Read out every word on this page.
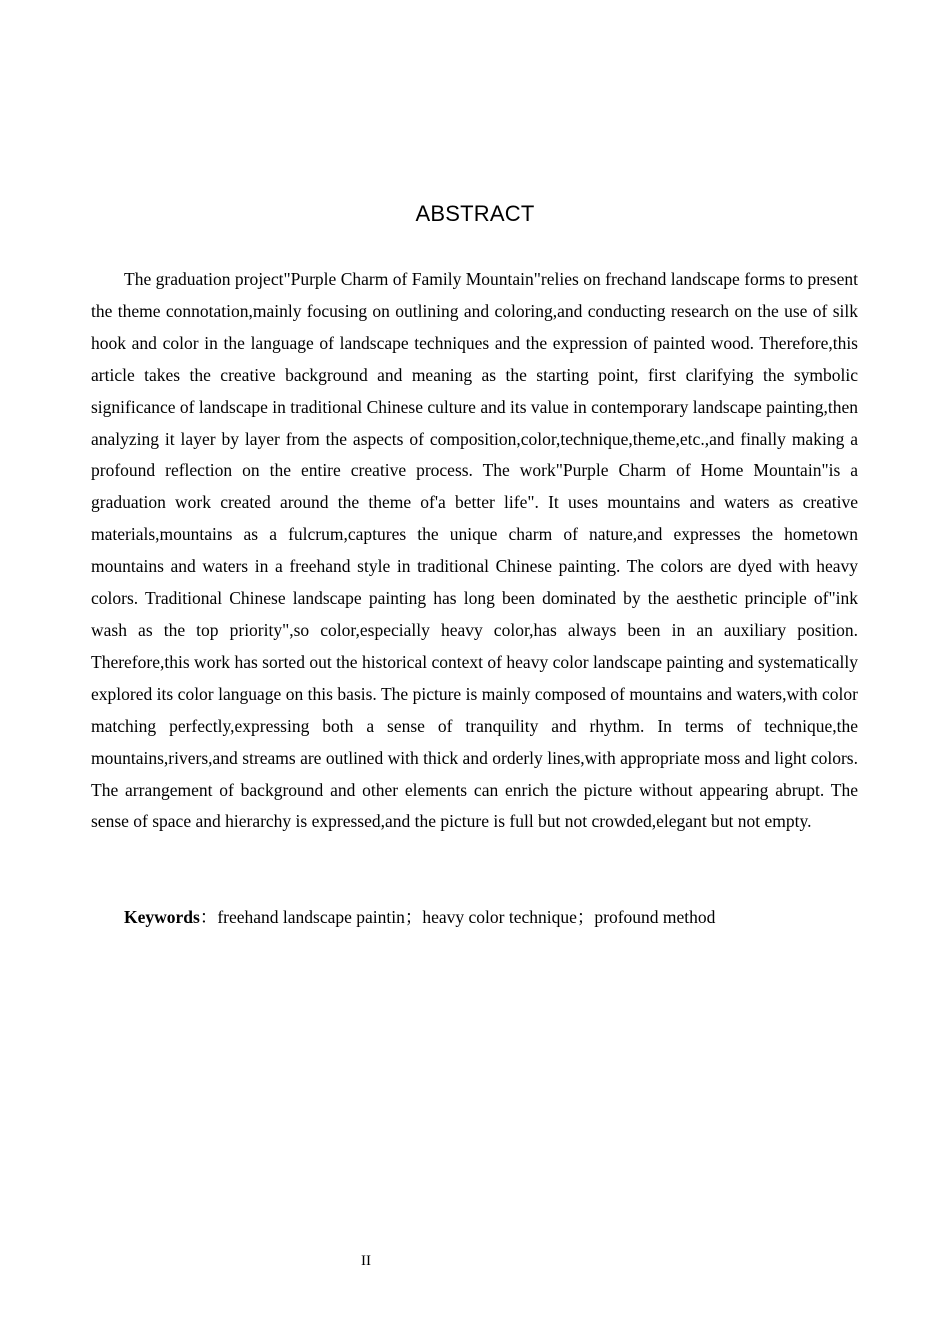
ABSTRACT

The graduation project"Purple Charm of Family Mountain"relies on frechand landscape forms to present the theme connotation,mainly focusing on outlining and coloring,and conducting research on the use of silk hook and color in the language of landscape techniques and the expression of painted wood. Therefore,this article takes the creative background and meaning as the starting point, first clarifying the symbolic significance of landscape in traditional Chinese culture and its value in contemporary landscape painting,then analyzing it layer by layer from the aspects of composition,color,technique,theme,etc.,and finally making a profound reflection on the entire creative process. The work"Purple Charm of Home Mountain"is a graduation work created around the theme of'a better life". It uses mountains and waters as creative materials,mountains as a fulcrum,captures the unique charm of nature,and expresses the hometown mountains and waters in a freehand style in traditional Chinese painting. The colors are dyed with heavy colors. Traditional Chinese landscape painting has long been dominated by the aesthetic principle of"ink wash as the top priority",so color,especially heavy color,has always been in an auxiliary position. Therefore,this work has sorted out the historical context of heavy color landscape painting and systematically explored its color language on this basis. The picture is mainly composed of mountains and waters,with color matching perfectly,expressing both a sense of tranquility and rhythm. In terms of technique,the mountains,rivers,and streams are outlined with thick and orderly lines,with appropriate moss and light colors. The arrangement of background and other elements can enrich the picture without appearing abrupt. The sense of space and hierarchy is expressed,and the picture is full but not crowded,elegant but not empty.

Keywords：freehand landscape paintin；heavy color technique；profound method

II
